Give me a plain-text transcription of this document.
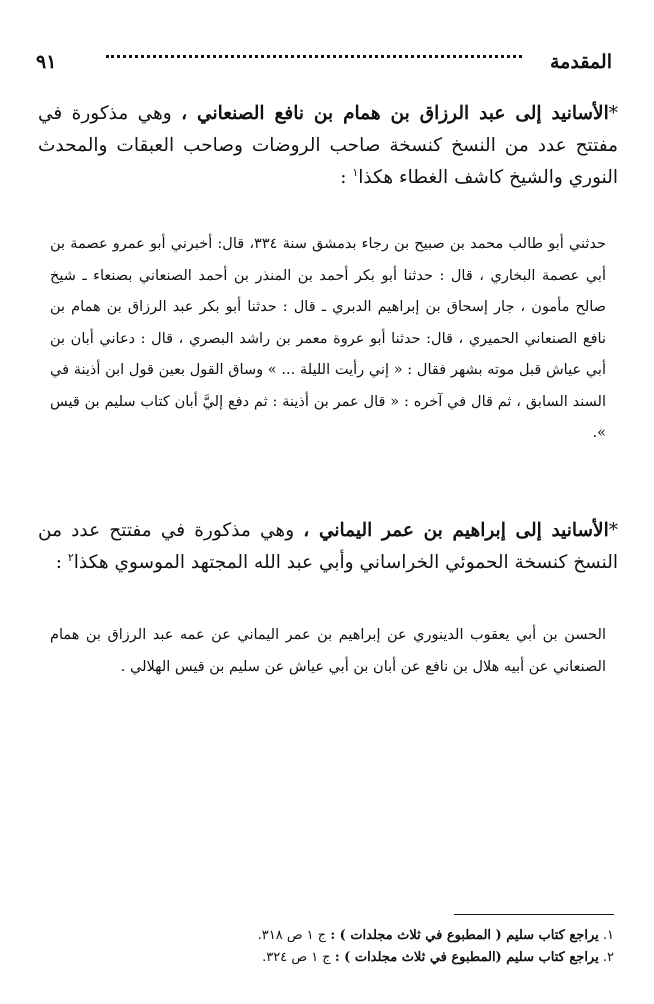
المقدمة
٩١
*الأسانيد إلى عبد الرزاق بن همام بن نافع الصنعاني ، وهي مذكورة في مفتتح عدد من النسخ كنسخة صاحب الروضات وصاحب العبقات والمحدث النوري والشيخ كاشف الغطاء هكذا$^١$ :
حدثني أبو طالب محمد بن صبيح بن رجاء بدمشق سنة ٣٣٤، قال: أخبرني أبو عمرو عصمة بن أبي عصمة البخاري ، قال : حدثنا أبو بكر أحمد بن المنذر بن أحمد الصنعاني بصنعاء ـ شيخ صالح مأمون ، جار إسحاق بن إبراهيم الدبري ـ قال : حدثنا أبو بكر عبد الرزاق بن همام بن نافع الصنعاني الحميري ، قال: حدثنا أبو عروة معمر بن راشد البصري ، قال : دعاني أبان بن أبي عياش قبل موته بشهر فقال : « إني رأيت الليلة ... » وساق القول بعين قول ابن أذينة في السند السابق ، ثم قال في آخره : « قال عمر بن أذينة : ثم دفع إليَّ أبان كتاب سليم بن قيس ».
*الأسانيد إلى إبراهيم بن عمر اليماني ، وهي مذكورة في مفتتح عدد من النسخ كنسخة الحموئي الخراساني وأبي عبد الله المجتهد الموسوي هكذا$^٢$ :
الحسن بن أبي يعقوب الدينوري عن إبراهيم بن عمر اليماني عن عمه عبد الرزاق بن همام الصنعاني عن أبيه هلال بن نافع عن أبان بن أبي عياش عن سليم بن قيس الهلالي .
١. يراجع كتاب سليم ( المطبوع في ثلاث مجلدات ) : ج ١ ص ٣١٨.
٢. يراجع كتاب سليم (المطبوع في ثلاث مجلدات ) : ج ١ ص ٣٢٤.
